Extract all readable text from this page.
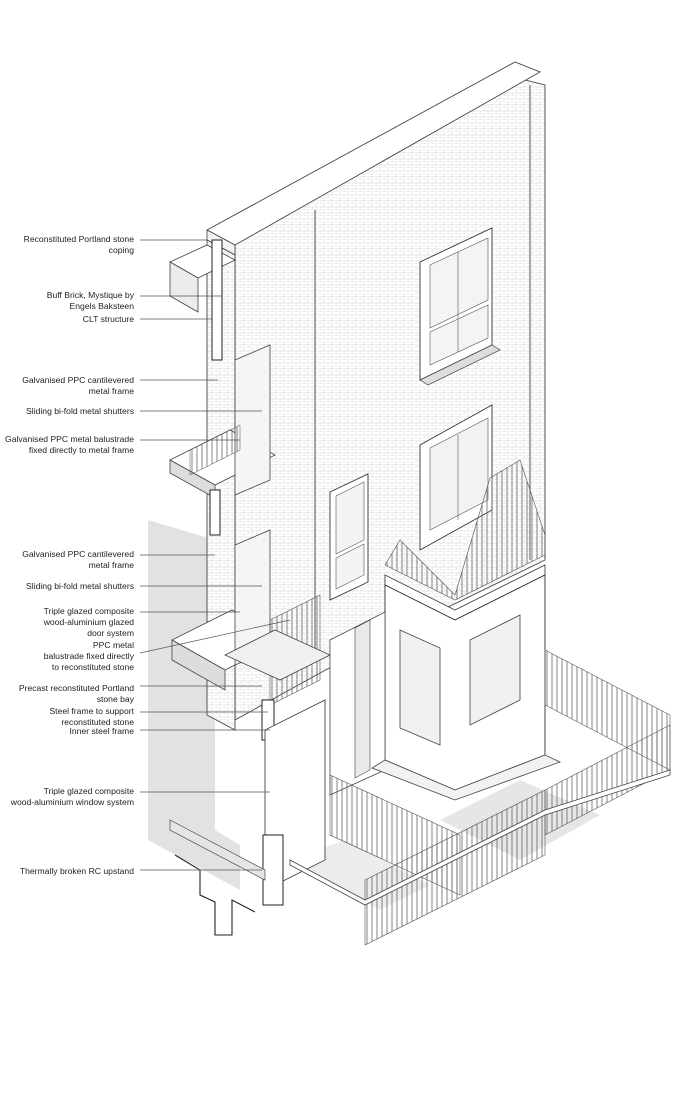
Reconstituted Portland stone
coping
Buff Brick, Mystique by
Engels Baksteen
CLT structure
Galvanised PPC cantilevered
metal frame
Sliding bi-fold metal shutters
Galvanised PPC metal balustrade
fixed directly to metal frame
Galvanised PPC cantilevered
metal frame
Sliding bi-fold metal shutters
Triple glazed composite
wood-aluminium glazed
door system
PPC metal
balustrade fixed directly
to reconstituted stone
Precast reconstituted Portland
stone bay
Steel frame to support
reconstituted stone
Inner steel frame
Triple glazed composite
wood-aluminium window system
Thermally broken RC upstand
